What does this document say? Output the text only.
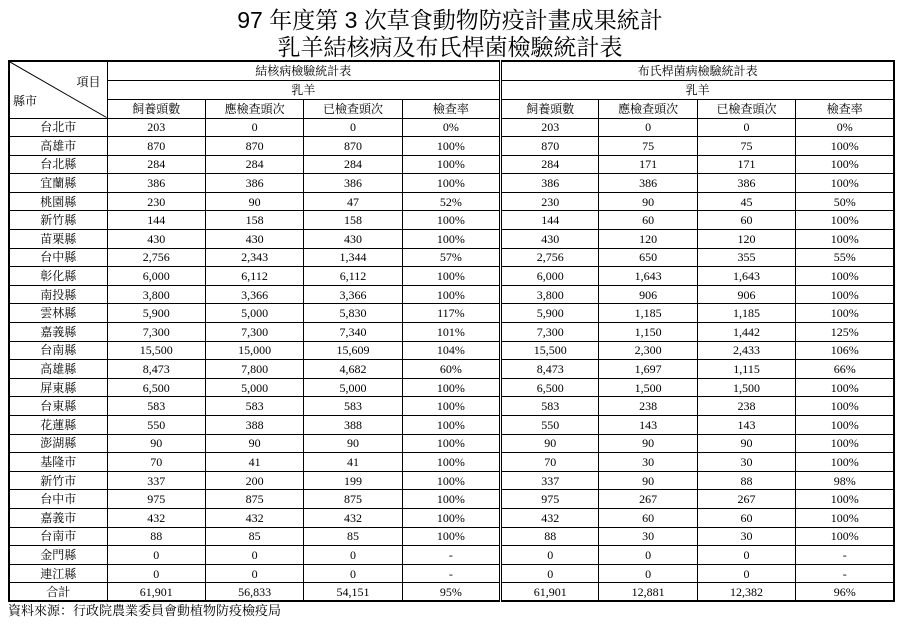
97 年度第 3 次草食動物防疫計畫成果統計
乳羊結核病及布氏桿菌檢驗統計表
項目
縣市	結核病檢驗統計表				布氏桿菌病檢驗統計表			
	乳羊				乳羊			
	飼養頭數	應檢查頭次	已檢查頭次	檢查率	飼養頭數	應檢查頭次	已檢查頭次	檢查率
台北市	203	0	0	0%	203	0	0	0%
高雄市	870	870	870	100%	870	75	75	100%
台北縣	284	284	284	100%	284	171	171	100%
宜蘭縣	386	386	386	100%	386	386	386	100%
桃園縣	230	90	47	52%	230	90	45	50%
新竹縣	144	158	158	100%	144	60	60	100%
苗栗縣	430	430	430	100%	430	120	120	100%
台中縣	2,756	2,343	1,344	57%	2,756	650	355	55%
彰化縣	6,000	6,112	6,112	100%	6,000	1,643	1,643	100%
南投縣	3,800	3,366	3,366	100%	3,800	906	906	100%
雲林縣	5,900	5,000	5,830	117%	5,900	1,185	1,185	100%
嘉義縣	7,300	7,300	7,340	101%	7,300	1,150	1,442	125%
台南縣	15,500	15,000	15,609	104%	15,500	2,300	2,433	106%
高雄縣	8,473	7,800	4,682	60%	8,473	1,697	1,115	66%
屏東縣	6,500	5,000	5,000	100%	6,500	1,500	1,500	100%
台東縣	583	583	583	100%	583	238	238	100%
花蓮縣	550	388	388	100%	550	143	143	100%
澎湖縣	90	90	90	100%	90	90	90	100%
基隆市	70	41	41	100%	70	30	30	100%
新竹市	337	200	199	100%	337	90	88	98%
台中市	975	875	875	100%	975	267	267	100%
嘉義市	432	432	432	100%	432	60	60	100%
台南市	88	85	85	100%	88	30	30	100%
金門縣	0	0	0	-	0	0	0	-
連江縣	0	0	0	-	0	0	0	-
合計	61,901	56,833	54,151	95%	61,901	12,881	12,382	96%
資料來源：行政院農業委員會動植物防疫檢疫局
